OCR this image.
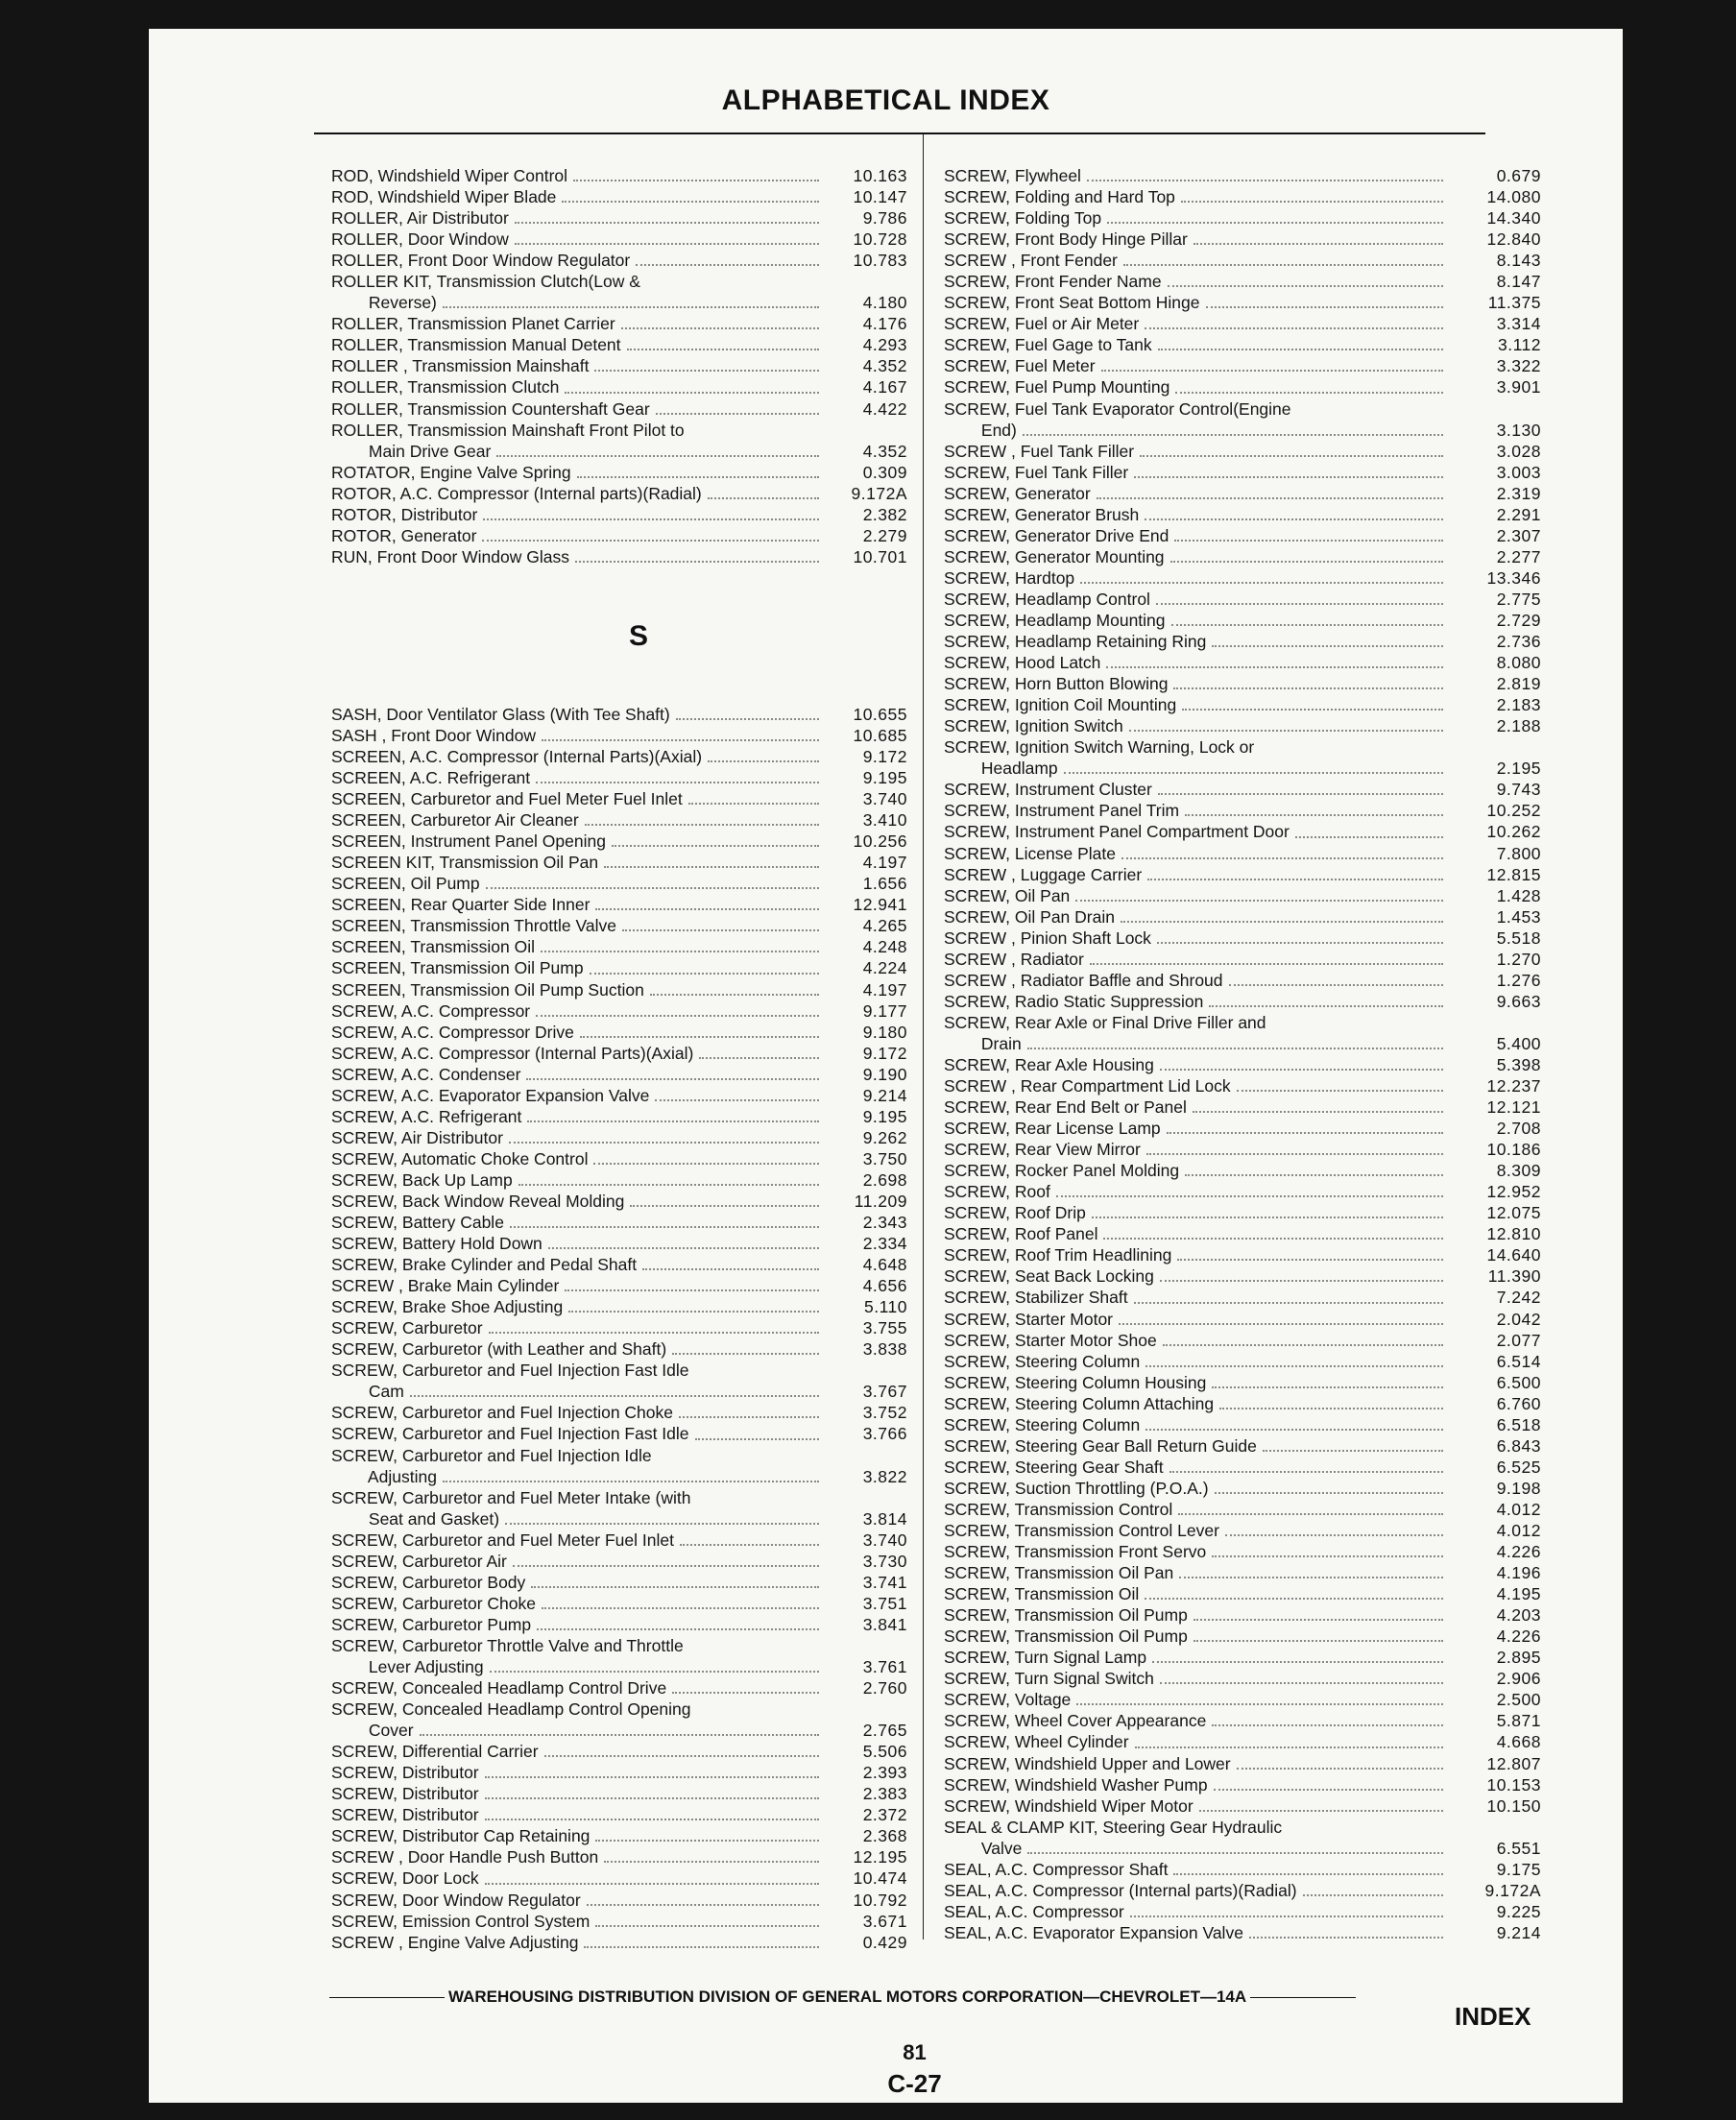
ALPHABETICAL INDEX
ROD, Windshield Wiper Control	10.163
ROD, Windshield Wiper Blade	10.147
ROLLER, Air Distributor	9.786
ROLLER, Door Window	10.728
ROLLER, Front Door Window Regulator	10.783
ROLLER KIT, Transmission Clutch(Low &
Reverse)	4.180
ROLLER, Transmission Planet Carrier	4.176
ROLLER, Transmission Manual Detent	4.293
ROLLER , Transmission Mainshaft	4.352
ROLLER, Transmission Clutch	4.167
ROLLER, Transmission Countershaft Gear	4.422
ROLLER, Transmission Mainshaft Front Pilot to
Main Drive Gear	4.352
ROTATOR, Engine Valve Spring	0.309
ROTOR, A.C. Compressor (Internal parts)(Radial)	9.172A
ROTOR, Distributor	2.382
ROTOR, Generator	2.279
RUN, Front Door Window Glass	10.701
S
SASH, Door Ventilator Glass (With Tee Shaft)	10.655
SASH , Front Door Window	10.685
SCREEN, A.C. Compressor (Internal Parts)(Axial)	9.172
SCREEN, A.C. Refrigerant	9.195
SCREEN, Carburetor and Fuel Meter Fuel Inlet	3.740
SCREEN, Carburetor Air Cleaner	3.410
SCREEN, Instrument Panel Opening	10.256
SCREEN KIT, Transmission Oil Pan	4.197
SCREEN, Oil Pump	1.656
SCREEN, Rear Quarter Side Inner	12.941
SCREEN, Transmission Throttle Valve	4.265
SCREEN, Transmission Oil	4.248
SCREEN, Transmission Oil Pump	4.224
SCREEN, Transmission Oil Pump Suction	4.197
SCREW, A.C. Compressor	9.177
SCREW, A.C. Compressor Drive	9.180
SCREW, A.C. Compressor (Internal Parts)(Axial)	9.172
SCREW, A.C. Condenser	9.190
SCREW, A.C. Evaporator Expansion Valve	9.214
SCREW, A.C. Refrigerant	9.195
SCREW, Air Distributor	9.262
SCREW, Automatic Choke Control	3.750
SCREW, Back Up Lamp	2.698
SCREW, Back Window Reveal Molding	11.209
SCREW, Battery Cable	2.343
SCREW, Battery Hold Down	2.334
SCREW, Brake Cylinder and Pedal Shaft	4.648
SCREW , Brake Main Cylinder	4.656
SCREW, Brake Shoe Adjusting	5.110
SCREW, Carburetor	3.755
SCREW, Carburetor (with Leather and Shaft)	3.838
SCREW, Carburetor and Fuel Injection Fast Idle
Cam	3.767
SCREW, Carburetor and Fuel Injection Choke	3.752
SCREW, Carburetor and Fuel Injection Fast Idle	3.766
SCREW, Carburetor and Fuel Injection Idle
Adjusting	3.822
SCREW, Carburetor and Fuel Meter Intake (with
Seat and Gasket)	3.814
SCREW, Carburetor and Fuel Meter Fuel Inlet	3.740
SCREW, Carburetor Air	3.730
SCREW, Carburetor Body	3.741
SCREW, Carburetor Choke	3.751
SCREW, Carburetor Pump	3.841
SCREW, Carburetor Throttle Valve and Throttle
Lever Adjusting	3.761
SCREW, Concealed Headlamp Control Drive	2.760
SCREW, Concealed Headlamp Control Opening
Cover	2.765
SCREW, Differential Carrier	5.506
SCREW, Distributor	2.393
SCREW, Distributor	2.383
SCREW, Distributor	2.372
SCREW, Distributor Cap Retaining	2.368
SCREW , Door Handle Push Button	12.195
SCREW, Door Lock	10.474
SCREW, Door Window Regulator	10.792
SCREW, Emission Control System	3.671
SCREW , Engine Valve Adjusting	0.429
SCREW, Flywheel	0.679
SCREW, Folding and Hard Top	14.080
SCREW, Folding Top	14.340
SCREW, Front Body Hinge Pillar	12.840
SCREW , Front Fender	8.143
SCREW, Front Fender Name	8.147
SCREW, Front Seat Bottom Hinge	11.375
SCREW, Fuel or Air Meter	3.314
SCREW, Fuel Gage to Tank	3.112
SCREW, Fuel Meter	3.322
SCREW, Fuel Pump Mounting	3.901
SCREW, Fuel Tank Evaporator Control(Engine
End)	3.130
SCREW , Fuel Tank Filler	3.028
SCREW, Fuel Tank Filler	3.003
SCREW, Generator	2.319
SCREW, Generator Brush	2.291
SCREW, Generator Drive End	2.307
SCREW, Generator Mounting	2.277
SCREW, Hardtop	13.346
SCREW, Headlamp Control	2.775
SCREW, Headlamp Mounting	2.729
SCREW, Headlamp Retaining Ring	2.736
SCREW, Hood Latch	8.080
SCREW, Horn Button Blowing	2.819
SCREW, Ignition Coil Mounting	2.183
SCREW, Ignition Switch	2.188
SCREW, Ignition Switch Warning, Lock or
Headlamp	2.195
SCREW, Instrument Cluster	9.743
SCREW, Instrument Panel Trim	10.252
SCREW, Instrument Panel Compartment Door	10.262
SCREW, License Plate	7.800
SCREW , Luggage Carrier	12.815
SCREW, Oil Pan	1.428
SCREW, Oil Pan Drain	1.453
SCREW , Pinion Shaft Lock	5.518
SCREW , Radiator	1.270
SCREW , Radiator Baffle and Shroud	1.276
SCREW, Radio Static Suppression	9.663
SCREW, Rear Axle or Final Drive Filler and
Drain	5.400
SCREW, Rear Axle Housing	5.398
SCREW , Rear Compartment Lid Lock	12.237
SCREW, Rear End Belt or Panel	12.121
SCREW, Rear License Lamp	2.708
SCREW, Rear View Mirror	10.186
SCREW, Rocker Panel Molding	8.309
SCREW, Roof	12.952
SCREW, Roof Drip	12.075
SCREW, Roof Panel	12.810
SCREW, Roof Trim Headlining	14.640
SCREW, Seat Back Locking	11.390
SCREW, Stabilizer Shaft	7.242
SCREW, Starter Motor	2.042
SCREW, Starter Motor Shoe	2.077
SCREW, Steering Column	6.514
SCREW, Steering Column Housing	6.500
SCREW, Steering Column Attaching	6.760
SCREW, Steering Column	6.518
SCREW, Steering Gear Ball Return Guide	6.843
SCREW, Steering Gear Shaft	6.525
SCREW, Suction Throttling (P.O.A.)	9.198
SCREW, Transmission Control	4.012
SCREW, Transmission Control Lever	4.012
SCREW, Transmission Front Servo	4.226
SCREW, Transmission Oil Pan	4.196
SCREW, Transmission Oil	4.195
SCREW, Transmission Oil Pump	4.203
SCREW, Transmission Oil Pump	4.226
SCREW, Turn Signal Lamp	2.895
SCREW, Turn Signal Switch	2.906
SCREW, Voltage	2.500
SCREW, Wheel Cover Appearance	5.871
SCREW, Wheel Cylinder	4.668
SCREW, Windshield Upper and Lower	12.807
SCREW, Windshield Washer Pump	10.153
SCREW, Windshield Wiper Motor	10.150
SEAL & CLAMP KIT, Steering Gear Hydraulic
Valve	6.551
SEAL, A.C. Compressor Shaft	9.175
SEAL, A.C. Compressor (Internal parts)(Radial)	9.172A
SEAL, A.C. Compressor	9.225
SEAL, A.C. Evaporator Expansion Valve	9.214
WAREHOUSING DISTRIBUTION DIVISION OF GENERAL MOTORS CORPORATION—CHEVROLET—14A
INDEX
81
C-27
